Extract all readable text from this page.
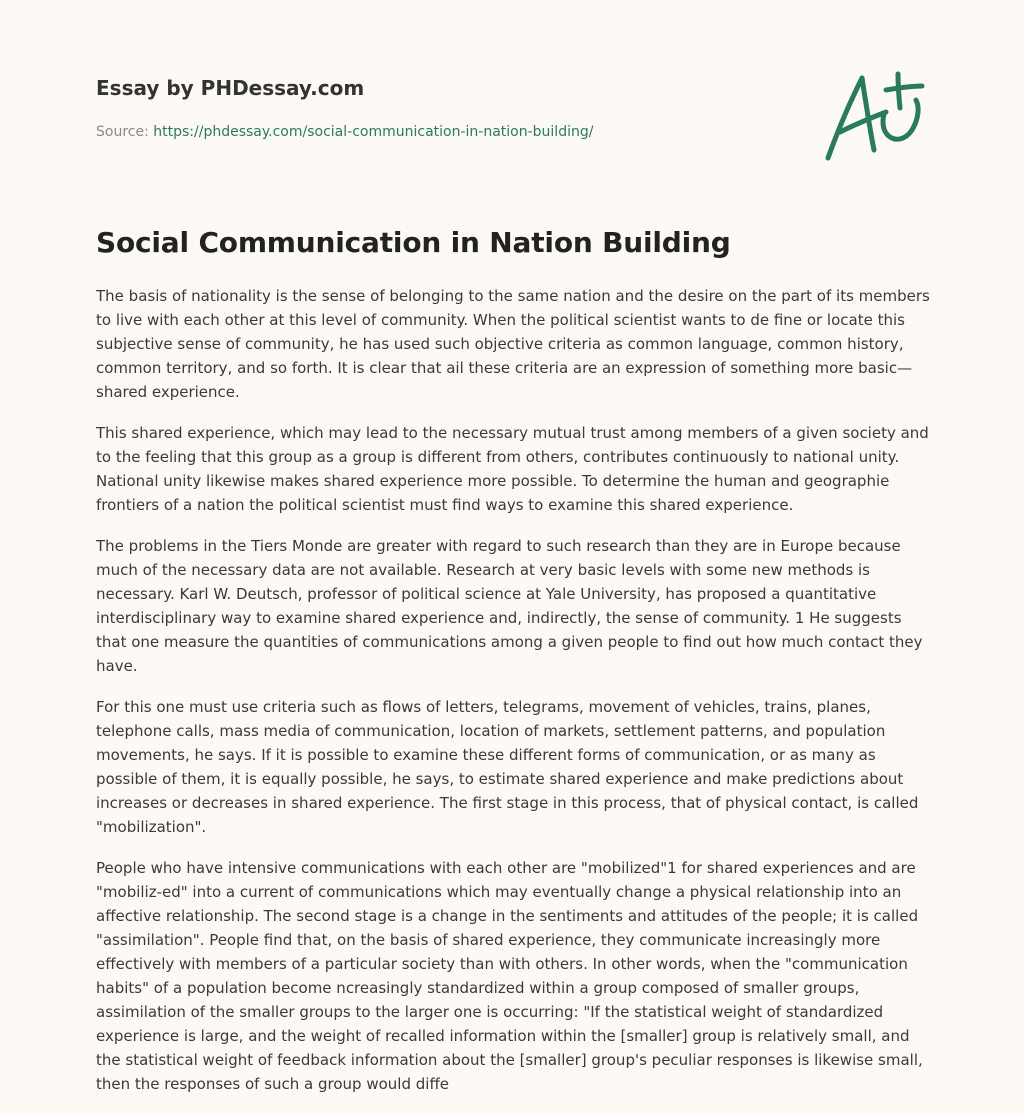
Essay by PHDessay.com

Source: https://phdessay.com/social-communication-in-nation-building/

Social Communication in Nation Building

The basis of nationality is the sense of belonging to the same nation and the desire on the part of its members to live with each other at this level of community. When the political scientist wants to de fine or locate this subjective sense of community, he has used such objective criteria as common language, common history, common territory, and so forth. It is clear that ail these criteria are an expression of something more basic—shared experience.

This shared experience, which may lead to the necessary mutual trust among members of a given society and to the feeling that this group as a group is different from others, contributes continuously to national unity. National unity likewise makes shared experience more possible. To determine the human and geographie frontiers of a nation the political scientist must find ways to examine this shared experience.

The problems in the Tiers Monde are greater with regard to such research than they are in Europe because much of the necessary data are not available. Research at very basic levels with some new methods is necessary. Karl W. Deutsch, professor of political science at Yale University, has proposed a quantitative interdisciplinary way to examine shared experience and, indirectly, the sense of community. 1 He suggests that one measure the quantities of communications among a given people to find out how much contact they have.

For this one must use criteria such as flows of letters, telegrams, movement of vehicles, trains, planes, telephone calls, mass media of communication, location of markets, settlement patterns, and population movements, he says. If it is possible to examine these different forms of communication, or as many as possible of them, it is equally possible, he says, to estimate shared experience and make predictions about increases or decreases in shared experience. The first stage in this process, that of physical contact, is called "mobilization".

People who have intensive communications with each other are "mobilized"1 for shared experiences and are "mobiliz-ed" into a current of communications which may eventually change a physical relationship into an affective relationship. The second stage is a change in the sentiments and attitudes of the people; it is called "assimilation". People find that, on the basis of shared experience, they communicate increasingly more effectively with members of a particular society than with others. In other words, when the "communication habits" of a population become ncreasingly standardized within a group composed of smaller groups, assimilation of the smaller groups to the larger one is occurring: "If the statistical weight of standardized experience is large, and the weight of recalled information within the [smaller] group is relatively small, and the statistical weight of feedback information about the [smaller] group's peculiar responses is likewise small, then the responses of such a group would diffe
